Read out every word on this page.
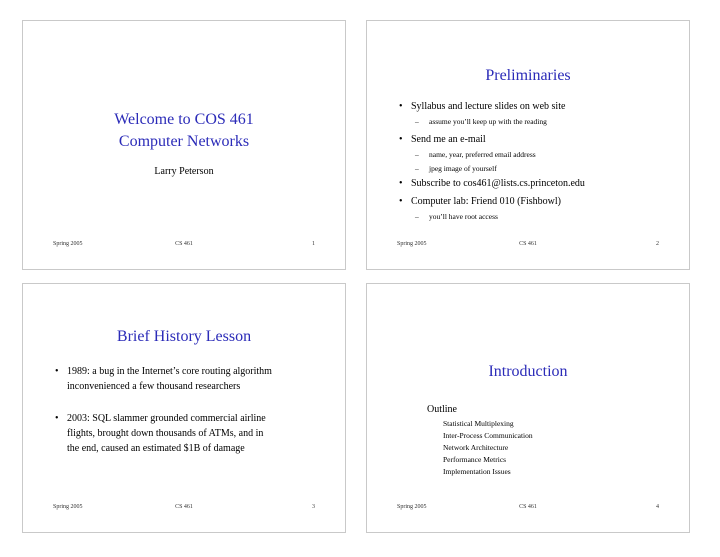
Welcome to COS 461
Computer Networks
Larry Peterson
Spring 2005	CS 461	1
Preliminaries
• Syllabus and lecture slides on web site
– assume you’ll keep up with the reading
• Send me an e-mail
– name, year, preferred email address
– jpeg image of yourself
• Subscribe to cos461@lists.cs.princeton.edu
• Computer lab: Friend 010 (Fishbowl)
– you’ll have root access
Spring 2005	CS 461	2
Brief History Lesson
• 1989: a bug in the Internet’s core routing algorithm
inconvenienced a few thousand researchers
• 2003: SQL slammer grounded commercial airline
flights, brought down thousands of ATMs, and in
the end, caused an estimated $1B of damage
Spring 2005	CS 461	3
Introduction
Outline
Statistical Multiplexing
Inter-Process Communication
Network Architecture
Performance Metrics
Implementation Issues
Spring 2005	CS 461	4
